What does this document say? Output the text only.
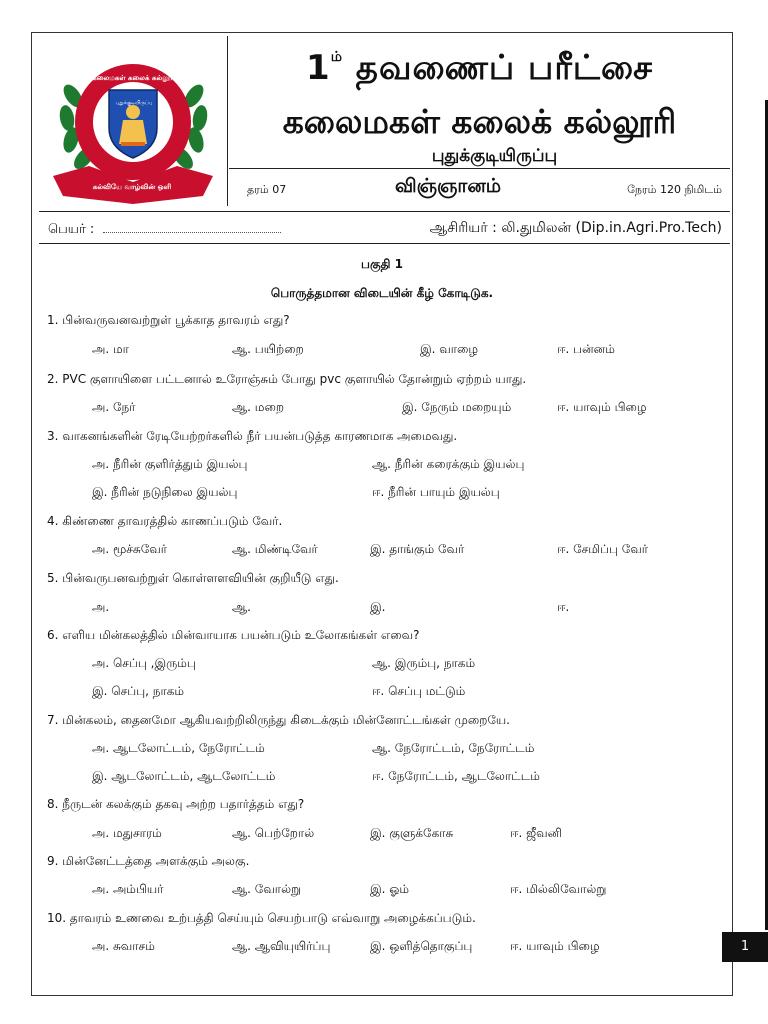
கலைமகள் கலைக் கல்லூரி
புதுக்குடியிருப்பு
கல்வியே வாழ்வின் ஒளி
$1^{ம்}$ தவணைப் பரீட்சை
கலைமகள் கலைக் கல்லூரி
புதுக்குடியிருப்பு
தரம் 07	விஞ்ஞானம்	நேரம் 120 நிமிடம்
பெயர் :	ஆசிரியர் : லி.துமிலன் (Dip.in.Agri.Pro.Tech)
பகுதி 1
பொருத்தமான விடையின் கீழ் கோடிடுக.
1. பின்வருவனவற்றுள் பூக்காத தாவரம் எது?
அ. மா	ஆ. பயிற்றை	இ. வாழை	ஈ. பன்னம்
2. PVC குளாயிளை பட்டனால் உரோஞ்சும் போது pvc குளாயில் தோன்றும் ஏற்றம் யாது.
அ. நேர்	ஆ. மறை	இ. நேரும் மறையும்	ஈ. யாவும் பிழை
3. வாகனங்களின் ரேடியேற்றர்களில் நீர் பயன்படுத்த காரணமாக அமைவது.
அ. நீரின் குளிர்த்தும் இயல்பு	ஆ. நீரின் கரைக்கும் இயல்பு
இ. நீரின் நடுநிலை இயல்பு	ஈ. நீரின் பாயும் இயல்பு
4. கிண்ணை தாவரத்தில் காணப்படும் வேர்.
அ. மூச்சுவேர்	ஆ. மிண்டிவேர்	இ. தாங்கும் வேர்	ஈ. சேமிப்பு வேர்
5. பின்வருபனவற்றுள் கொள்ளளவியின் குறியீடு எது.
அ.	ஆ.	இ.	ஈ.
6. எளிய மின்கலத்தில் மின்வாயாக பயன்படும் உலோகங்கள் எவை?
அ. செப்பு ,இரும்பு	ஆ. இரும்பு, நாகம்
இ. செப்பு, நாகம்	ஈ. செப்பு மட்டும்
7. மின்கலம், தைனமோ ஆகியவற்றிலிருந்து கிடைக்கும் மின்னோட்டங்கள் முறையே.
அ. ஆடலோட்டம், நேரோட்டம்	ஆ. நேரோட்டம், நேரோட்டம்
இ. ஆடலோட்டம், ஆடலோட்டம்	ஈ. நேரோட்டம், ஆடலோட்டம்
8. நீருடன் கலக்கும் தகவு அற்ற பதார்த்தம் எது?
அ. மதுசாரம்	ஆ. பெற்றோல்	இ. குளுக்கோசு	ஈ. ஜீவனி
9. மின்னேட்டத்தை அளக்கும் அலகு.
அ. அம்பியர்	ஆ. வோல்று	இ. ஓம்	ஈ. மில்லிவோல்று
10. தாவரம் உணவை உற்பத்தி செய்யும் செயற்பாடு எவ்வாறு அழைக்கப்படும்.
அ. சுவாசம்	ஆ. ஆவியுயிர்ப்பு	இ. ஒளித்தொகுப்பு	ஈ. யாவும் பிழை	1
